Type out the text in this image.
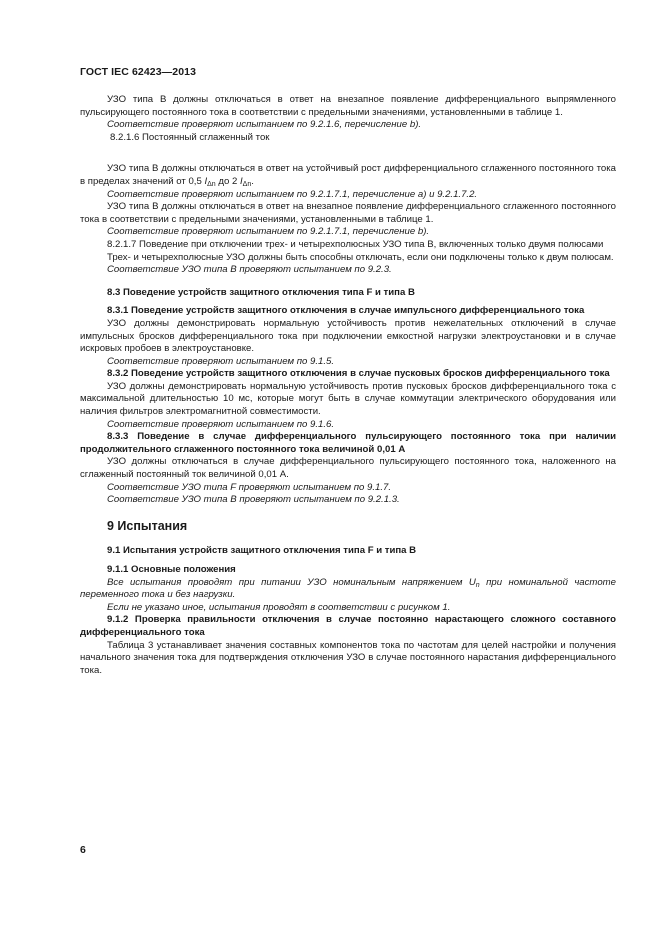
ГОСТ IEC 62423—2013

УЗО типа В должны отключаться в ответ на внезапное появление дифференциального выпрямленного пульсирующего постоянного тока в соответствии с предельными значениями, установленными в таблице 1.

Соответствие проверяют испытанием по 9.2.1.6, перечисление b).

8.2.1.6 Постоянный сглаженный ток

УЗО типа В должны отключаться в ответ на устойчивый рост дифференциального сглаженного постоянного тока в пределах значений от 0,5 $I_{\Delta n}$ до 2 $I_{\Delta n}$.

Соответствие проверяют испытанием по 9.2.1.7.1, перечисление a) и 9.2.1.7.2.

УЗО типа В должны отключаться в ответ на внезапное появление дифференциального сглаженного постоянного тока в соответствии с предельными значениями, установленными в таблице 1.

Соответствие проверяют испытанием по 9.2.1.7.1, перечисление b).

8.2.1.7 Поведение при отключении трех- и четырехполюсных УЗО типа В, включенных только двумя полюсами

Трех- и четырехполюсные УЗО должны быть способны отключать, если они подключены только к двум полюсам.

Соответствие УЗО типа В проверяют испытанием по 9.2.3.

8.3 Поведение устройств защитного отключения типа F и типа В

8.3.1 Поведение устройств защитного отключения в случае импульсного дифференциального тока

УЗО должны демонстрировать нормальную устойчивость против нежелательных отключений в случае импульсных бросков дифференциального тока при подключении емкостной нагрузки электроустановки и в случае искровых пробоев в электроустановке.

Соответствие проверяют испытанием по 9.1.5.

8.3.2 Поведение устройств защитного отключения в случае пусковых бросков дифференциального тока

УЗО должны демонстрировать нормальную устойчивость против пусковых бросков дифференциального тока с максимальной длительностью 10 мс, которые могут быть в случае коммутации электрического оборудования или наличия фильтров электромагнитной совместимости.

Соответствие проверяют испытанием по 9.1.6.

8.3.3 Поведение в случае дифференциального пульсирующего постоянного тока при наличии продолжительного сглаженного постоянного тока величиной 0,01 А

УЗО должны отключаться в случае дифференциального пульсирующего постоянного тока, наложенного на сглаженный постоянный ток величиной 0,01 А.

Соответствие УЗО типа F проверяют испытанием по 9.1.7.

Соответствие УЗО типа В проверяют испытанием по 9.2.1.3.

9 Испытания

9.1 Испытания устройств защитного отключения типа F и типа В

9.1.1 Основные положения

Все испытания проводят при питании УЗО номинальным напряжением $U_n$ при номинальной частоте переменного тока и без нагрузки.

Если не указано иное, испытания проводят в соответствии с рисунком 1.

9.1.2 Проверка правильности отключения в случае постоянно нарастающего сложного составного дифференциального тока

Таблица 3 устанавливает значения составных компонентов тока по частотам для целей настройки и получения начального значения тока для подтверждения отключения УЗО в случае постоянного нарастания дифференциального тока.

6
